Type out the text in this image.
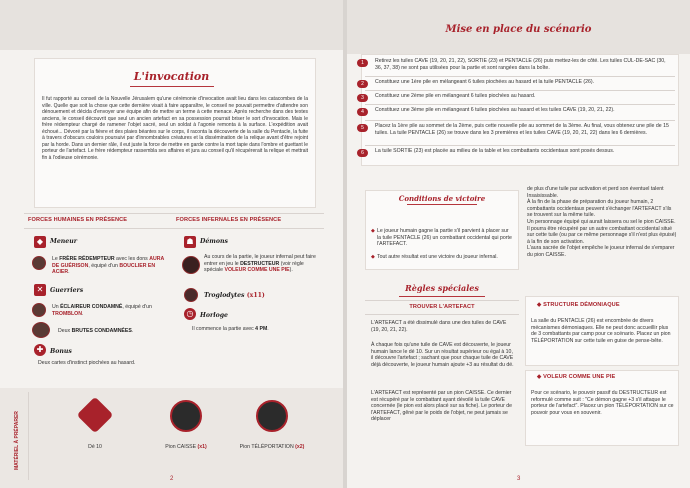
L'invocation
Il fut rapporté au conseil de la Nouvelle Jérusalem qu'une cérémonie d'invocation avait lieu dans les catacombes de la ville. Quelle que soit la chose que cette dernière visait à faire apparaître, le conseil ne pouvait permettre d'attendre son dénouement et décida d'envoyer une équipe afin de mettre un terme à cette menace. Après recherche dans des textes anciens, le conseil découvrit que seul un ancien artefact en sa possession pourrait briser le sort d'invocation. Mais le frère rédempteur chargé de ramener l'objet sacré, seul un soldat à l'agonie remonta à la surface. L'expédition avait échoué... Dévoré par la fièvre et des plaies béantes sur le corps, il raconta la découverte de la salle du Pentacle, la fuite à travers d'obscurs couloirs poursuivi par d'innombrables créatures et la dissémination de la relique avant d'être rejoint par la horde. Dans un dernier râle, il eut juste la force de mettre en garde contre la mort tapie dans l'ombre et guettant le porteur de l'artefact. Le frère rédempteur rassembla ses affaires et jura au conseil qu'il récupérerait la relique et mettrait fin à l'odieuse cérémonie.
FORCES HUMAINES EN PRÉSENCE	FORCES INFERNALES EN PRÉSENCE
◆	Meneur
Le FRÈRE RÉDEMPTEUR avec les dons AURA DE GUÉRISON, équipé d'un BOUCLIER EN ACIER.
✕	Guerriers
Un ÉCLAIREUR CONDAMNÉ, équipé d'un TROMBLON.
Deux BRUTES CONDAMNÉES.
✚	Bonus
Deux cartes d'instinct piochées au hasard.
☗	Démons
Au cours de la partie, le joueur infernal peut faire entrer en jeu le DESTRUCTEUR (voir règle spéciale VOLEUR COMME UNE PIE).
Troglodytes (x11)
◷	Horloge
Il commence la partie avec 4 PM.
MATÉRIEL À PRÉPARER	Dé 10	Pion CAISSE (x1)	Pion TÉLÉPORTATION (x2)
2
Mise en place du scénario
1	Retirez les tuiles CAVE (19, 20, 21, 22), SORTIE (23) et PENTACLE (26) puis mettez-les de côté. Les tuiles CUL-DE-SAC (30, 36, 37, 38) ne sont pas utilisées pour la partie et sont rangées dans la boîte.
2	Constituez une 1ère pile en mélangeant 6 tuiles piochées au hasard et la tuile PENTACLE (26).
3	Constituez une 2ème pile en mélangeant 6 tuiles piochées au hasard.
4	Constituez une 3ème pile en mélangeant 6 tuiles piochées au hasard et les tuiles CAVE (19, 20, 21, 22).
5	Placez la 1ère pile au sommet de la 2ème, puis cette nouvelle pile au sommet de la 3ème. Au final, vous obtenez une pile de 15 tuiles. La tuile PENTACLE (26) se trouve dans les 3 premières et les tuiles CAVE (19, 20, 21, 22) dans les 6 dernières.
6	La tuile SORTIE (23) est placée au milieu de la table et les combattants occidentaux sont posés dessus.
Conditions de victoire
◆ Le joueur humain gagne la partie s'il parvient à placer sur la tuile PENTACLE (26) un combattant occidental qui porte l'ARTEFACT.
◆ Tout autre résultat est une victoire du joueur infernal.
Règles spéciales
TROUVER L'ARTEFACT
L'ARTEFACT a été dissimulé dans une des tuiles de CAVE (19, 20, 21, 22).
À chaque fois qu'une tuile de CAVE est découverte, le joueur humain lance le dé 10. Sur un résultat supérieur ou égal à 10, il découvre l'artefact ; sachant que pour chaque tuile de CAVE déjà découverte, le joueur humain ajoute +3 au résultat du dé.
L'ARTEFACT est représenté par un pion CAISSE. Ce dernier est récupéré par le combattant ayant dévoilé la tuile CAVE concernée (le pion est alors placé sur sa fiche). Le porteur de l'ARTEFACT, gêné par le poids de l'objet, ne peut jamais se déplacer
de plus d'une tuile par activation et perd son éventuel talent Insaisissable.
À la fin de la phase de préparation du joueur humain, 2 combattants occidentaux peuvent s'échanger l'ARTEFACT s'ils se trouvent sur la même tuile.
Un personnage équipé qui aurait laissera ou sel le pion CAISSE. Il pourra être récupéré par un autre combattant occidental situé sur cette tuile (ou par ce même personnage s'il n'est plus épuisé) à la fin de son activation.
L'aura sacrée de l'objet empêche le joueur infernal de s'emparer du pion CAISSE.
◆ STRUCTURE DÉMONIAQUE
La salle du PENTACLE (26) est encombrée de divers mécanismes démoniaques. Elle ne peut donc accueillir plus de 3 combattants par camp pour ce scénario. Placez un pion TÉLÉPORTATION sur cette tuile en guise de pense-bête.
◆ VOLEUR COMME UNE PIE
Pour ce scénario, le pouvoir passif du DESTRUCTEUR est reformulé comme suit : "Ce démon gagne +3 s'il attaque le porteur de l'artefact". Placez un pion TÉLÉPORTATION sur ce pouvoir pour vous en souvenir.
3
